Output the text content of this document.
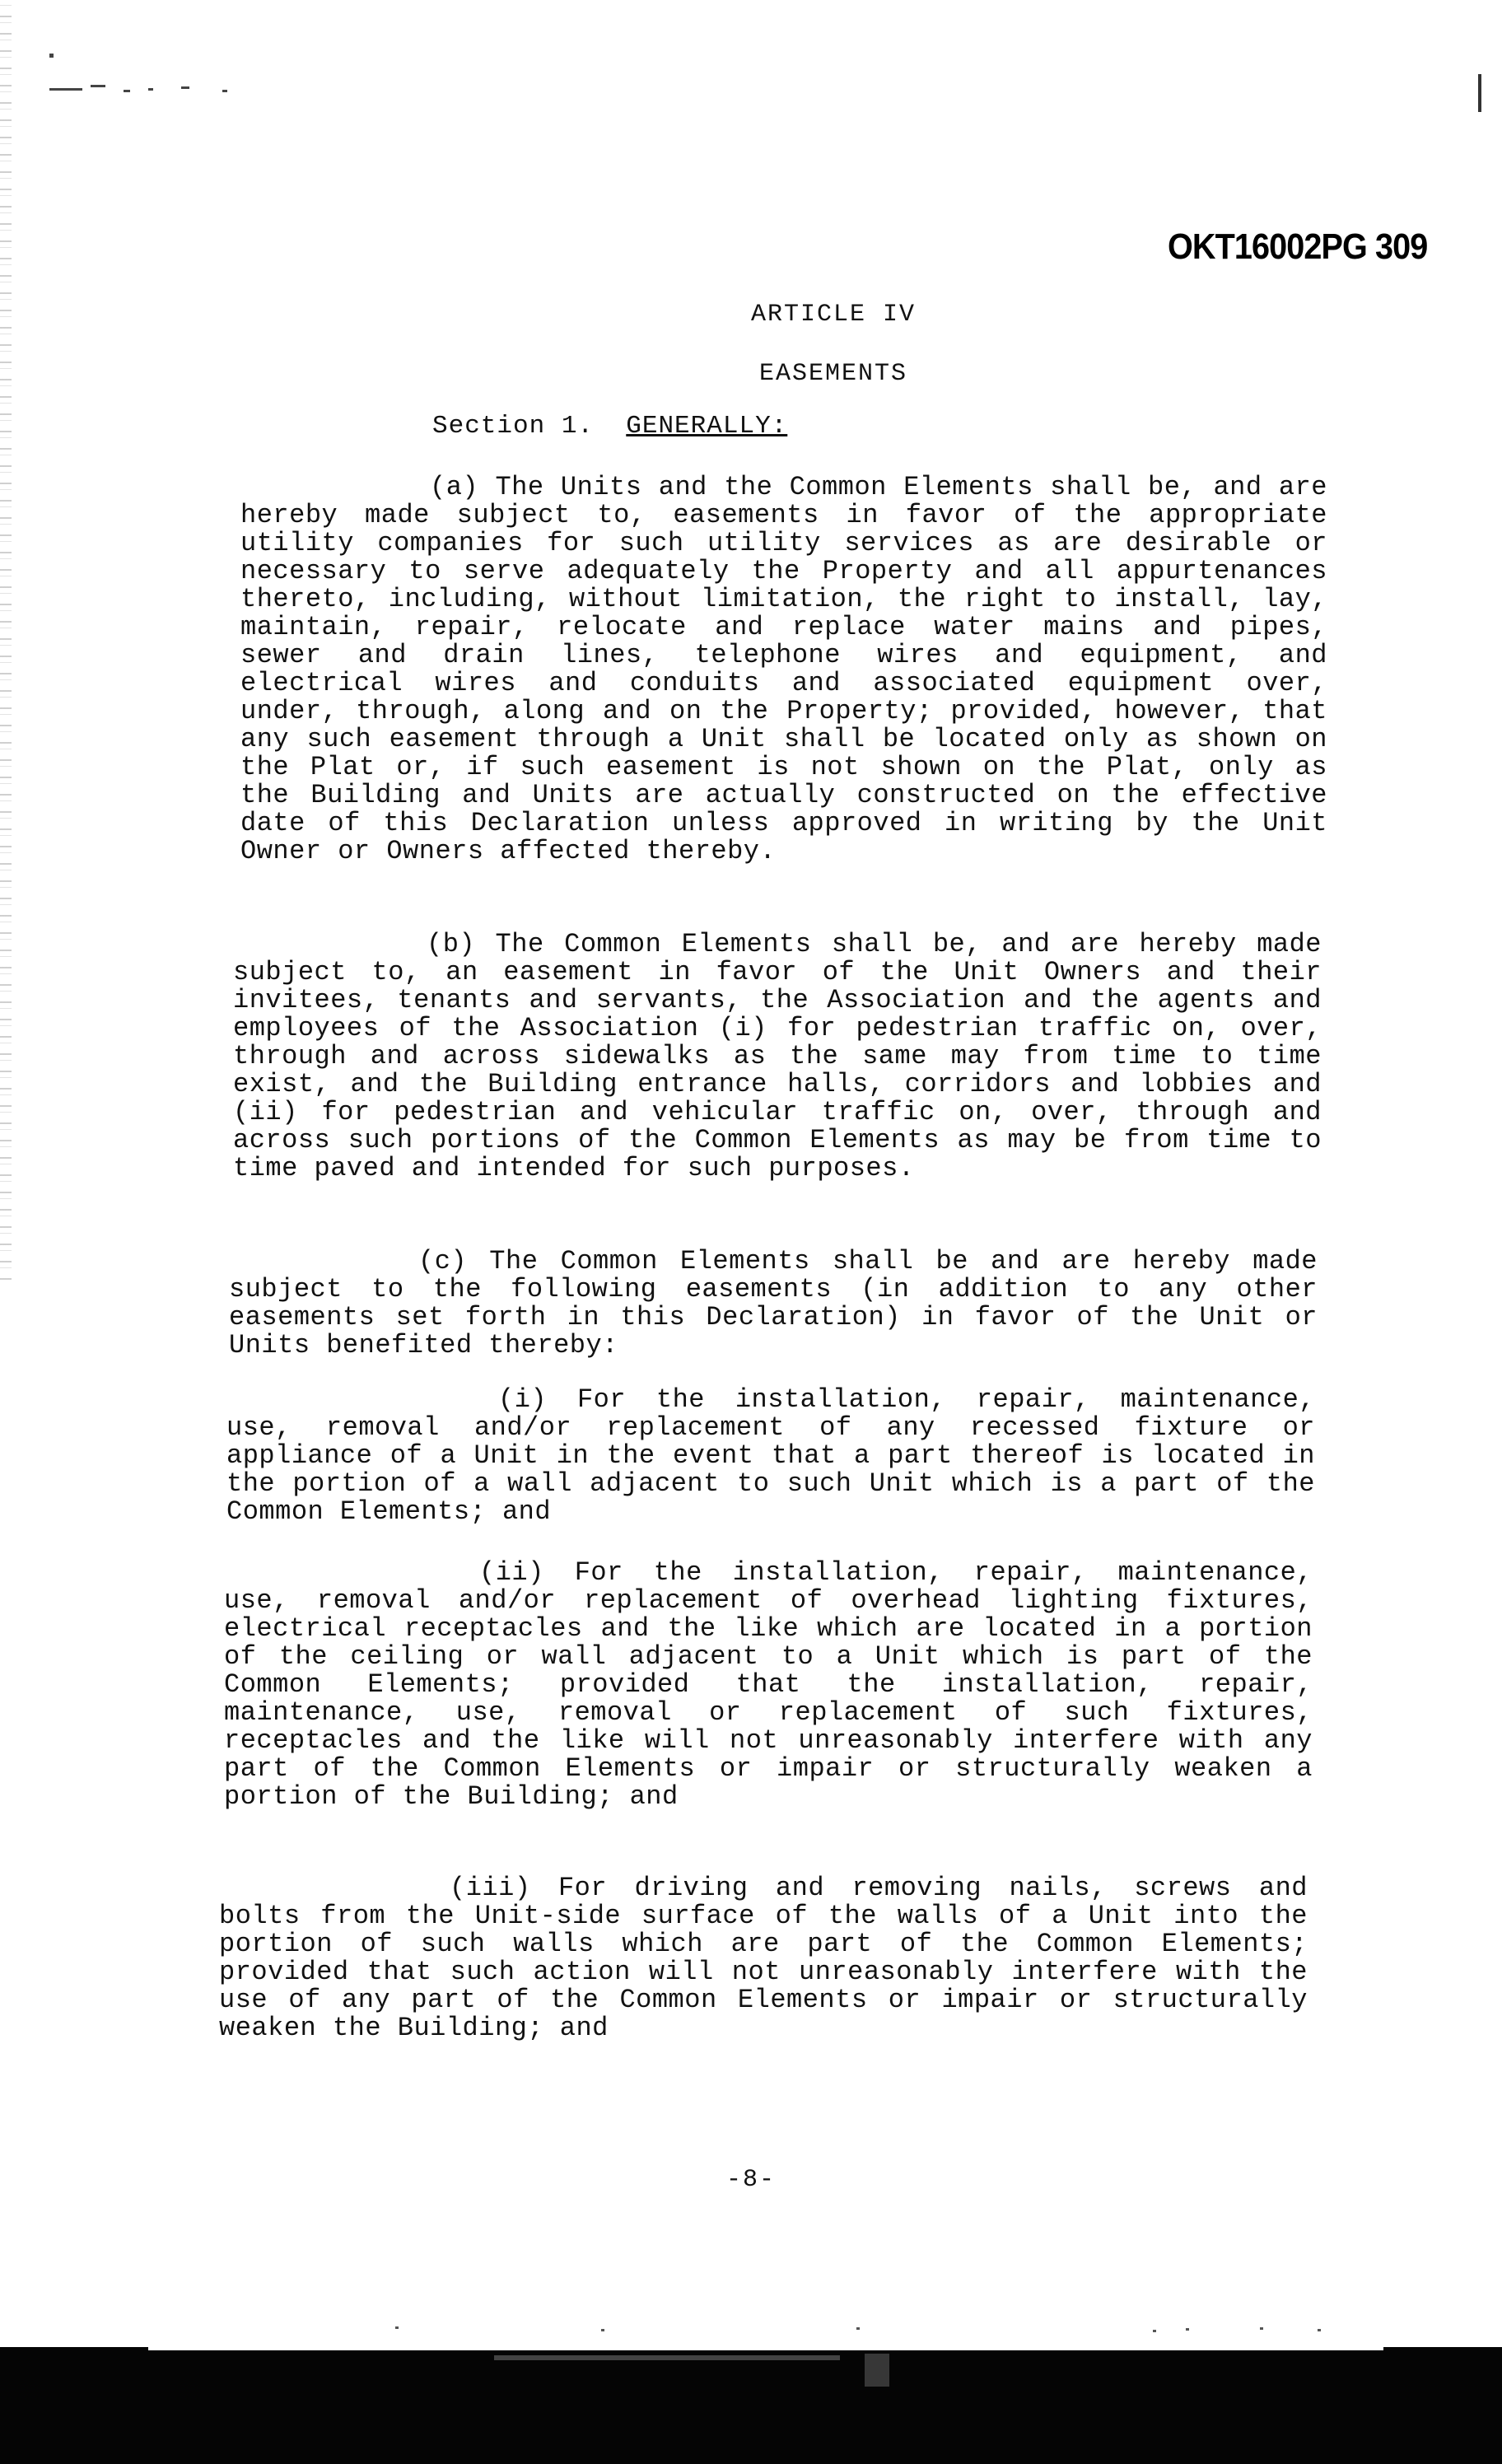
OKT16002PG 309
ARTICLE IV
EASEMENTS
Section 1. GENERALLY:

(a) The Units and the Common Elements shall be, and are hereby made subject to, easements in favor of the appropriate utility companies for such utility services as are desirable or necessary to serve adequately the Property and all appurtenances thereto, including, without limitation, the right to install, lay, maintain, repair, relocate and replace water mains and pipes, sewer and drain lines, telephone wires and equipment, and electrical wires and conduits and associated equipment over, under, through, along and on the Property; provided, however, that any such easement through a Unit shall be located only as shown on the Plat or, if such easement is not shown on the Plat, only as the Building and Units are actually constructed on the effective date of this Declaration unless approved in writing by the Unit Owner or Owners affected thereby.

(b) The Common Elements shall be, and are hereby made subject to, an easement in favor of the Unit Owners and their invitees, tenants and servants, the Association and the agents and employees of the Association (i) for pedestrian traffic on, over, through and across sidewalks as the same may from time to time exist, and the Building entrance halls, corridors and lobbies and (ii) for pedestrian and vehicular traffic on, over, through and across such portions of the Common Elements as may be from time to time paved and intended for such purposes.

(c) The Common Elements shall be and are hereby made subject to the following easements (in addition to any other easements set forth in this Declaration) in favor of the Unit or Units benefited thereby:

(i) For the installation, repair, maintenance, use, removal and/or replacement of any recessed fixture or appliance of a Unit in the event that a part thereof is located in the portion of a wall adjacent to such Unit which is a part of the Common Elements; and

(ii) For the installation, repair, maintenance, use, removal and/or replacement of overhead lighting fixtures, electrical receptacles and the like which are located in a portion of the ceiling or wall adjacent to a Unit which is part of the Common Elements; provided that the installation, repair, maintenance, use, removal or replacement of such fixtures, receptacles and the like will not unreasonably interfere with any part of the Common Elements or impair or structurally weaken a portion of the Building; and

(iii) For driving and removing nails, screws and bolts from the Unit-side surface of the walls of a Unit into the portion of such walls which are part of the Common Elements; provided that such action will not unreasonably interfere with the use of any part of the Common Elements or impair or structurally weaken the Building; and

-8-
